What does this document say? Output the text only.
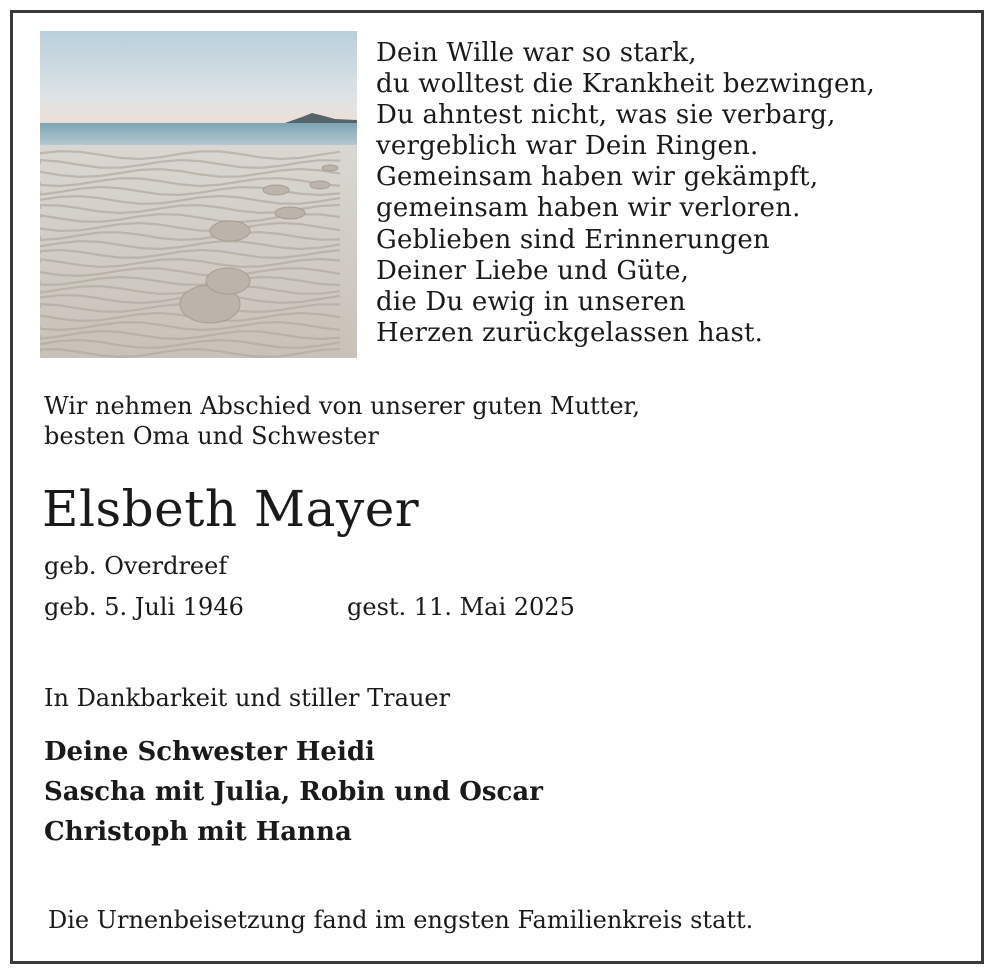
Dein Wille war so stark,
du wolltest die Krankheit bezwingen,
Du ahntest nicht, was sie verbarg,
vergeblich war Dein Ringen.
Gemeinsam haben wir gekämpft,
gemeinsam haben wir verloren.
Geblieben sind Erinnerungen
Deiner Liebe und Güte,
die Du ewig in unseren
Herzen zurückgelassen hast.
Wir nehmen Abschied von unserer guten Mutter,
besten Oma und Schwester
Elsbeth Mayer
geb. Overdreef
geb. 5. Juli 1946	gest. 11. Mai 2025
In Dankbarkeit und stiller Trauer
Deine Schwester Heidi
Sascha mit Julia, Robin und Oscar
Christoph mit Hanna
Die Urnenbeisetzung fand im engsten Familienkreis statt.
